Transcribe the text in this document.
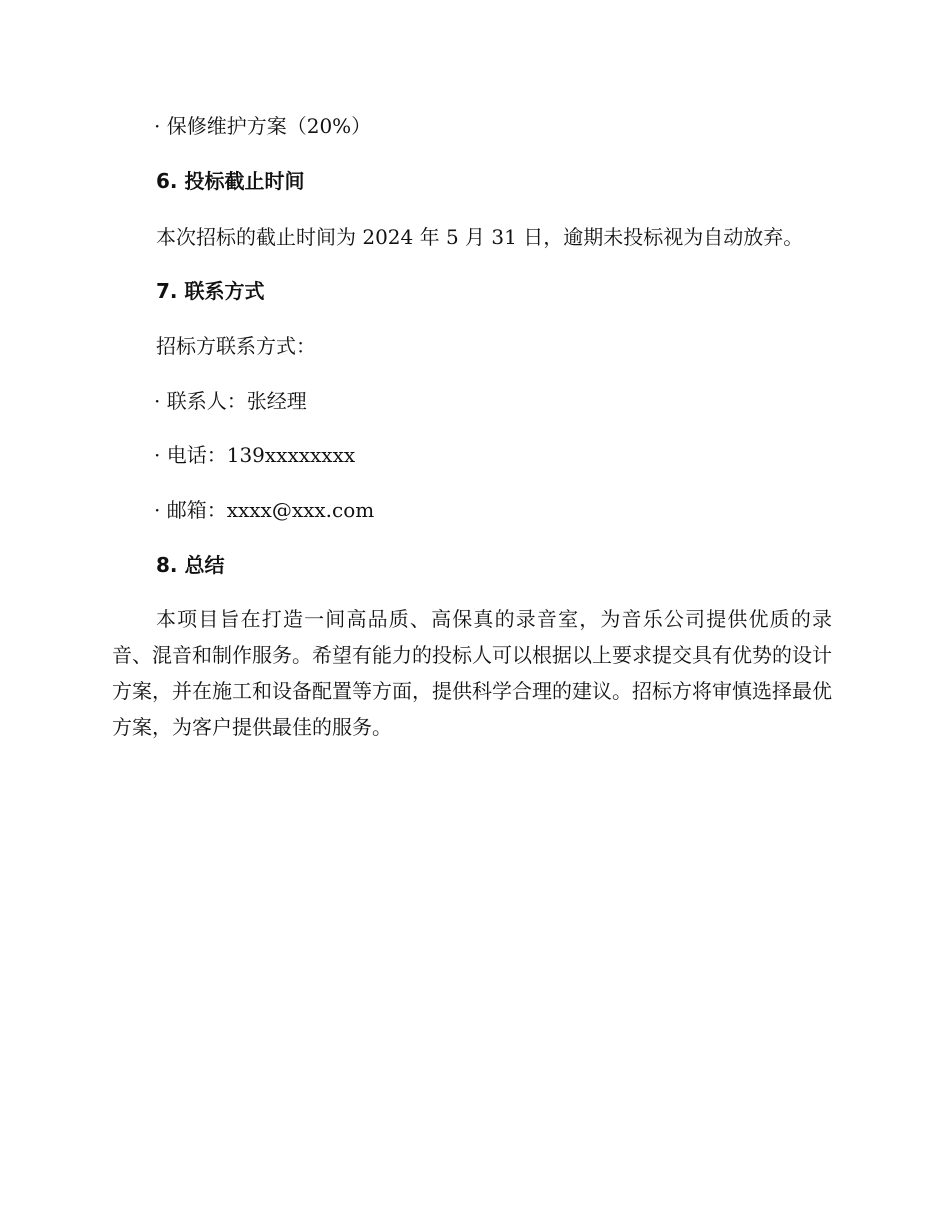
· 保修维护方案（20%）
6. 投标截止时间
本次招标的截止时间为 2024 年 5 月 31 日，逾期未投标视为自动放弃。
7. 联系方式
招标方联系方式：
· 联系人：张经理
· 电话：139xxxxxxxx
· 邮箱：xxxx@xxx.com
8. 总结
本项目旨在打造一间高品质、高保真的录音室，为音乐公司提供优质的录音、混音和制作服务。希望有能力的投标人可以根据以上要求提交具有优势的设计方案，并在施工和设备配置等方面，提供科学合理的建议。招标方将审慎选择最优方案，为客户提供最佳的服务。
